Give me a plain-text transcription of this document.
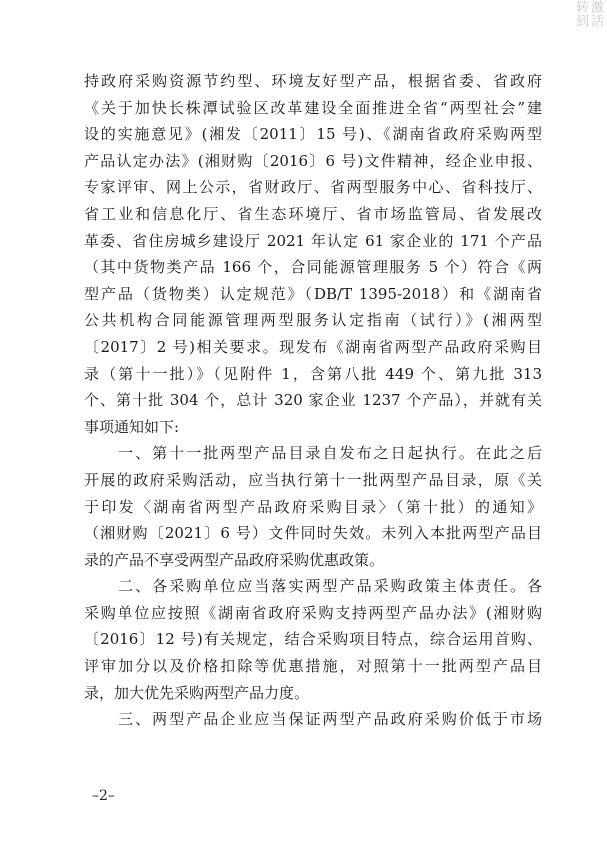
激活
转到
持政府采购资源节约型、环境友好型产品，根据省委、省政府
《关于加快长株潭试验区改革建设全面推进全省“两型社会”建
设的实施意见》(湘发〔2011〕15 号)、《湖南省政府采购两型
产品认定办法》(湘财购〔2016〕6 号)文件精神，经企业申报、
专家评审、网上公示，省财政厅、省两型服务中心、省科技厅、
省工业和信息化厅、省生态环境厅、省市场监管局、省发展改
革委、省住房城乡建设厅 2021 年认定 61 家企业的 171 个产品
（其中货物类产品 166 个，合同能源管理服务 5 个）符合《两
型产品（货物类）认定规范》（DB/T 1395-2018）和《湖南省
公共机构合同能源管理两型服务认定指南（试行）》(湘两型
〔2017〕2 号)相关要求。现发布《湖南省两型产品政府采购目
录（第十一批）》（见附件 1，含第八批 449 个、第九批 313
个、第十批 304 个，总计 320 家企业 1237 个产品），并就有关
事项通知如下:
　　一、第十一批两型产品目录自发布之日起执行。在此之后
开展的政府采购活动，应当执行第十一批两型产品目录，原《关
于印发〈湖南省两型产品政府采购目录〉（第十批）的通知》
（湘财购〔2021〕6 号）文件同时失效。未列入本批两型产品目
录的产品不享受两型产品政府采购优惠政策。
　　二、各采购单位应当落实两型产品采购政策主体责任。各
采购单位应按照《湖南省政府采购支持两型产品办法》(湘财购
〔2016〕12 号)有关规定，结合采购项目特点，综合运用首购、
评审加分以及价格扣除等优惠措施，对照第十一批两型产品目
录，加大优先采购两型产品力度。
　　三、两型产品企业应当保证两型产品政府采购价低于市场
–2–
